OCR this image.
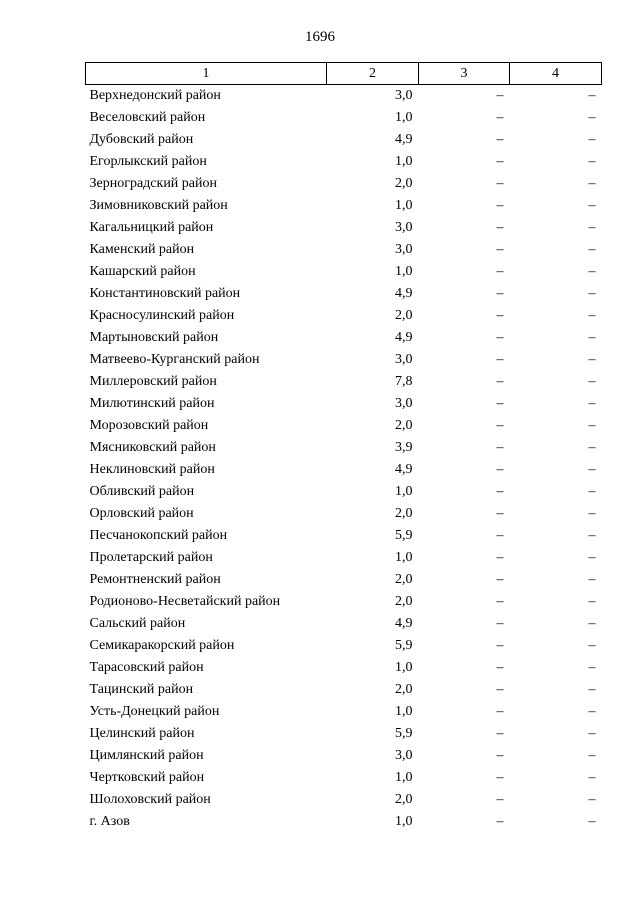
1696
1	2	3	4
Верхнедонский район	3,0	–	–
Веселовский район	1,0	–	–
Дубовский район	4,9	–	–
Егорлыкский район	1,0	–	–
Зерноградский район	2,0	–	–
Зимовниковский район	1,0	–	–
Кагальницкий район	3,0	–	–
Каменский район	3,0	–	–
Кашарский район	1,0	–	–
Константиновский район	4,9	–	–
Красносулинский район	2,0	–	–
Мартыновский район	4,9	–	–
Матвеево-Курганский район	3,0	–	–
Миллеровский район	7,8	–	–
Милютинский район	3,0	–	–
Морозовский район	2,0	–	–
Мясниковский район	3,9	–	–
Неклиновский район	4,9	–	–
Обливский район	1,0	–	–
Орловский район	2,0	–	–
Песчанокопский район	5,9	–	–
Пролетарский район	1,0	–	–
Ремонтненский район	2,0	–	–
Родионово-Несветайский район	2,0	–	–
Сальский район	4,9	–	–
Семикаракорский район	5,9	–	–
Тарасовский район	1,0	–	–
Тацинский район	2,0	–	–
Усть-Донецкий район	1,0	–	–
Целинский район	5,9	–	–
Цимлянский район	3,0	–	–
Чертковский район	1,0	–	–
Шолоховский район	2,0	–	–
г. Азов	1,0	–	–
